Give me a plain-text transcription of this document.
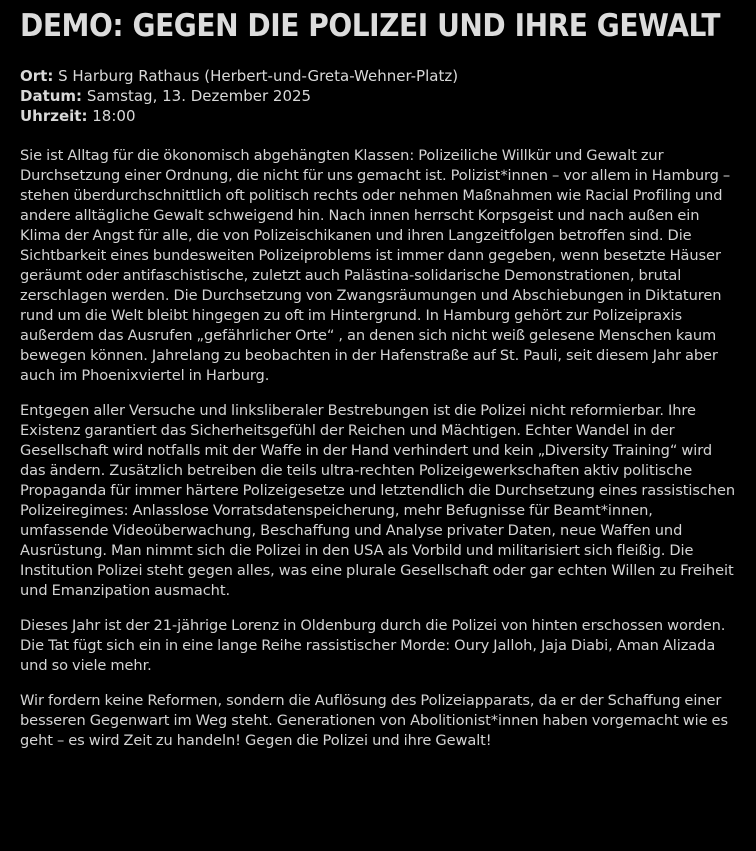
DEMO: GEGEN DIE POLIZEI UND IHRE GEWALT
Ort: S Harburg Rathaus (Herbert-und-Greta-Wehner-Platz)
Datum: Samstag, 13. Dezember 2025
Uhrzeit: 18:00

Sie ist Alltag für die ökonomisch abgehängten Klassen: Polizeiliche Willkür und Gewalt zur Durchsetzung einer Ordnung, die nicht für uns gemacht ist. Polizist*innen – vor allem in Hamburg – stehen überdurchschnittlich oft politisch rechts oder nehmen Maßnahmen wie Racial Profiling und andere alltägliche Gewalt schweigend hin. Nach innen herrscht Korpsgeist und nach außen ein Klima der Angst für alle, die von Polizeischikanen und ihren Langzeitfolgen betroffen sind. Die Sichtbarkeit eines bundesweiten Polizeiproblems ist immer dann gegeben, wenn besetzte Häuser geräumt oder antifaschistische, zuletzt auch Palästina-solidarische Demonstrationen, brutal zerschlagen werden. Die Durchsetzung von Zwangsräumungen und Abschiebungen in Diktaturen rund um die Welt bleibt hingegen zu oft im Hintergrund. In Hamburg gehört zur Polizeipraxis außerdem das Ausrufen „gefährlicher Orte“ , an denen sich nicht weiß gelesene Menschen kaum bewegen können. Jahrelang zu beobachten in der Hafenstraße auf St. Pauli, seit diesem Jahr aber auch im Phoenixviertel in Harburg.

Entgegen aller Versuche und linksliberaler Bestrebungen ist die Polizei nicht reformierbar. Ihre Existenz garantiert das Sicherheitsgefühl der Reichen und Mächtigen. Echter Wandel in der Gesellschaft wird notfalls mit der Waffe in der Hand verhindert und kein „Diversity Training“ wird das ändern. Zusätzlich betreiben die teils ultra-rechten Polizeigewerkschaften aktiv politische Propaganda für immer härtere Polizeigesetze und letztendlich die Durchsetzung eines rassistischen Polizeiregimes: Anlasslose Vorratsdatenspeicherung, mehr Befugnisse für Beamt*innen, umfassende Videoüberwachung, Beschaffung und Analyse privater Daten, neue Waffen und Ausrüstung. Man nimmt sich die Polizei in den USA als Vorbild und militarisiert sich fleißig. Die Institution Polizei steht gegen alles, was eine plurale Gesellschaft oder gar echten Willen zu Freiheit und Emanzipation ausmacht.

Dieses Jahr ist der 21-jährige Lorenz in Oldenburg durch die Polizei von hinten erschossen worden. Die Tat fügt sich ein in eine lange Reihe rassistischer Morde: Oury Jalloh, Jaja Diabi, Aman Alizada und so viele mehr.

Wir fordern keine Reformen, sondern die Auflösung des Polizeiapparats, da er der Schaffung einer besseren Gegenwart im Weg steht. Generationen von Abolitionist*innen haben vorgemacht wie es geht – es wird Zeit zu handeln! Gegen die Polizei und ihre Gewalt!
